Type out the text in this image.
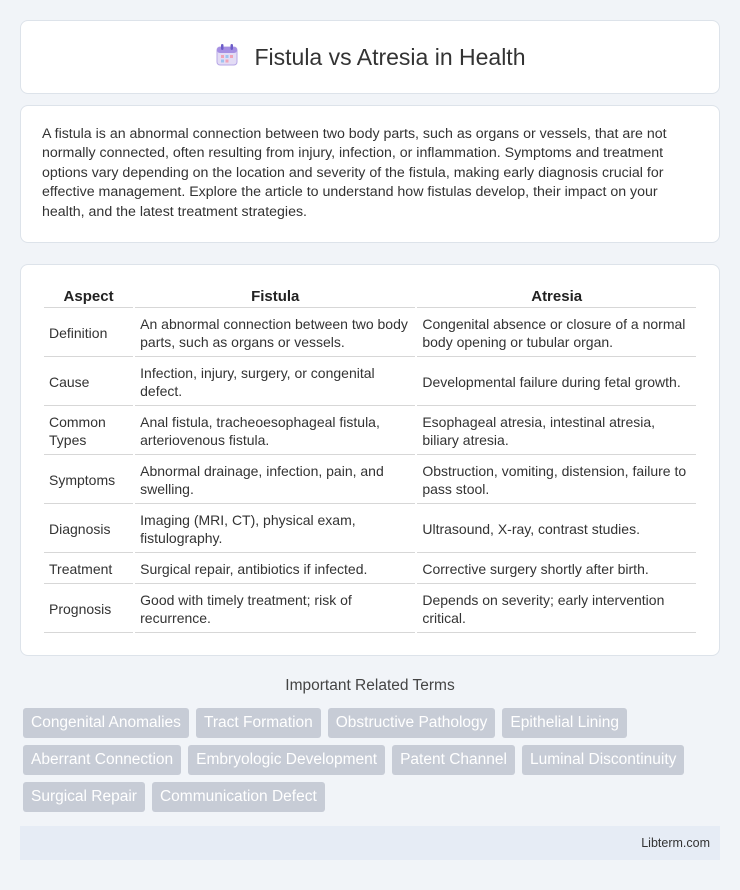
Fistula vs Atresia in Health

A fistula is an abnormal connection between two body parts, such as organs or vessels, that are not normally connected, often resulting from injury, infection, or inflammation. Symptoms and treatment options vary depending on the location and severity of the fistula, making early diagnosis crucial for effective management. Explore the article to understand how fistulas develop, their impact on your health, and the latest treatment strategies.

Aspect	Fistula	Atresia
Definition	An abnormal connection between two body parts, such as organs or vessels.	Congenital absence or closure of a normal body opening or tubular organ.
Cause	Infection, injury, surgery, or congenital defect.	Developmental failure during fetal growth.
Common Types	Anal fistula, tracheoesophageal fistula, arteriovenous fistula.	Esophageal atresia, intestinal atresia, biliary atresia.
Symptoms	Abnormal drainage, infection, pain, and swelling.	Obstruction, vomiting, distension, failure to pass stool.
Diagnosis	Imaging (MRI, CT), physical exam, fistulography.	Ultrasound, X-ray, contrast studies.
Treatment	Surgical repair, antibiotics if infected.	Corrective surgery shortly after birth.
Prognosis	Good with timely treatment; risk of recurrence.	Depends on severity; early intervention critical.
Important Related Terms
Congenital Anomalies	Tract Formation	Obstructive Pathology	Epithelial Lining
Aberrant Connection	Embryologic Development	Patent Channel	Luminal Discontinuity
Surgical Repair	Communication Defect
Libterm.com
